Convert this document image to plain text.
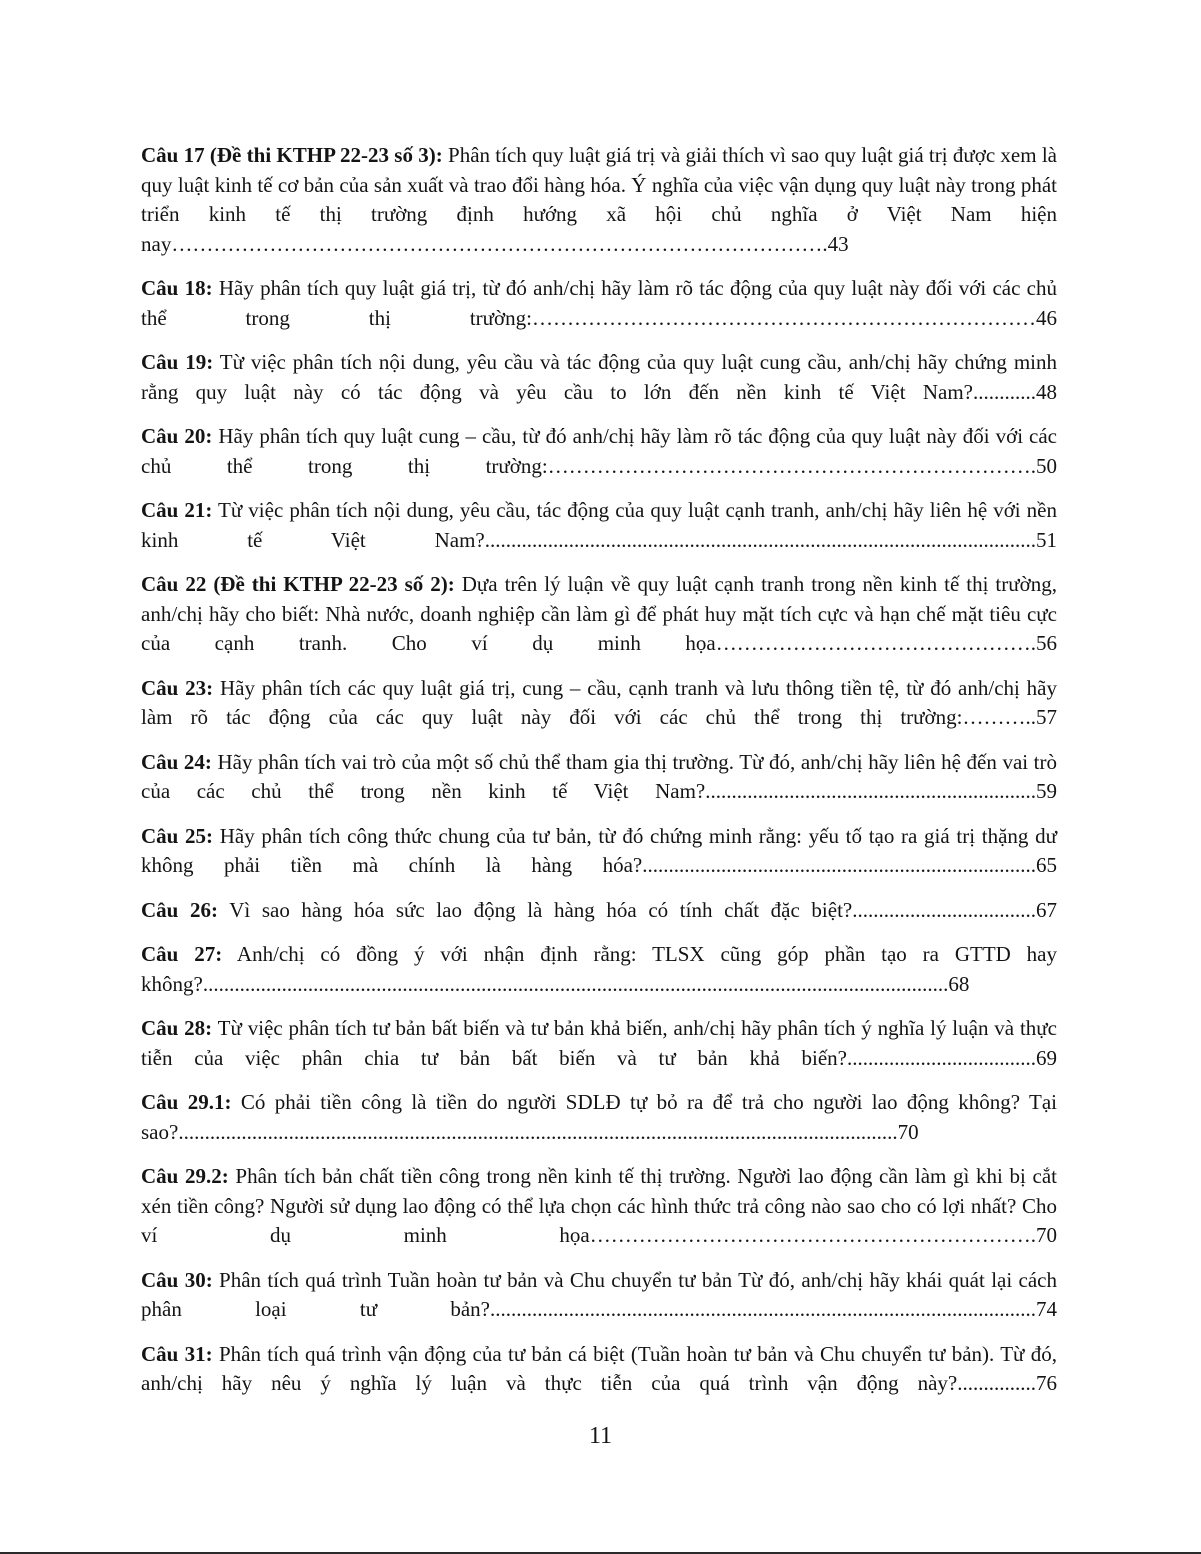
Câu 17 (Đề thi KTHP 22-23 số 3): Phân tích quy luật giá trị và giải thích vì sao quy luật giá trị được xem là quy luật kinh tế cơ bản của sản xuất và trao đổi hàng hóa. Ý nghĩa của việc vận dụng quy luật này trong phát triển kinh tế thị trường định hướng xã hội chủ nghĩa ở Việt Nam hiện nay………………………………………………………………………………….43

Câu 18: Hãy phân tích quy luật giá trị, từ đó anh/chị hãy làm rõ tác động của quy luật này đối với các chủ thể trong thị trường:………………………………………………………………46

Câu 19: Từ việc phân tích nội dung, yêu cầu và tác động của quy luật cung cầu, anh/chị hãy chứng minh rằng quy luật này có tác động và yêu cầu to lớn đến nền kinh tế Việt Nam?............48

Câu 20: Hãy phân tích quy luật cung – cầu, từ đó anh/chị hãy làm rõ tác động của quy luật này đối với các chủ thể trong thị trường:…………………………………………………………….50

Câu 21: Từ việc phân tích nội dung, yêu cầu, tác động của quy luật cạnh tranh, anh/chị hãy liên hệ với nền kinh tế Việt Nam?.........................................................................................................51

Câu 22 (Đề thi KTHP 22-23 số 2): Dựa trên lý luận về quy luật cạnh tranh trong nền kinh tế thị trường, anh/chị hãy cho biết: Nhà nước, doanh nghiệp cần làm gì để phát huy mặt tích cực và hạn chế mặt tiêu cực của cạnh tranh. Cho ví dụ minh họa……………………………………….56

Câu 23: Hãy phân tích các quy luật giá trị, cung – cầu, cạnh tranh và lưu thông tiền tệ, từ đó anh/chị hãy làm rõ tác động của các quy luật này đối với các chủ thể trong thị trường:………..57

Câu 24: Hãy phân tích vai trò của một số chủ thể tham gia thị trường. Từ đó, anh/chị hãy liên hệ đến vai trò của các chủ thể trong nền kinh tế Việt Nam?...............................................................59

Câu 25: Hãy phân tích công thức chung của tư bản, từ đó chứng minh rằng: yếu tố tạo ra giá trị thặng dư không phải tiền mà chính là hàng hóa?...........................................................................65

Câu 26: Vì sao hàng hóa sức lao động là hàng hóa có tính chất đặc biệt?...................................67

Câu 27: Anh/chị có đồng ý với nhận định rằng: TLSX cũng góp phần tạo ra GTTD hay không?..............................................................................................................................................68

Câu 28: Từ việc phân tích tư bản bất biến và tư bản khả biến, anh/chị hãy phân tích ý nghĩa lý luận và thực tiễn của việc phân chia tư bản bất biến và tư bản khả biến?....................................69

Câu 29.1: Có phải tiền công là tiền do người SDLĐ tự bỏ ra để trả cho người lao động không? Tại sao?.........................................................................................................................................70

Câu 29.2: Phân tích bản chất tiền công trong nền kinh tế thị trường. Người lao động cần làm gì khi bị cắt xén tiền công? Người sử dụng lao động có thể lựa chọn các hình thức trả công nào sao cho có lợi nhất? Cho ví dụ minh họa……………………………………………………….70

Câu 30: Phân tích quá trình Tuần hoàn tư bản và Chu chuyển tư bản Từ đó, anh/chị hãy khái quát lại cách phân loại tư bản?........................................................................................................74

Câu 31: Phân tích quá trình vận động của tư bản cá biệt (Tuần hoàn tư bản và Chu chuyển tư bản). Từ đó, anh/chị hãy nêu ý nghĩa lý luận và thực tiễn của quá trình vận động này?...............76

11
